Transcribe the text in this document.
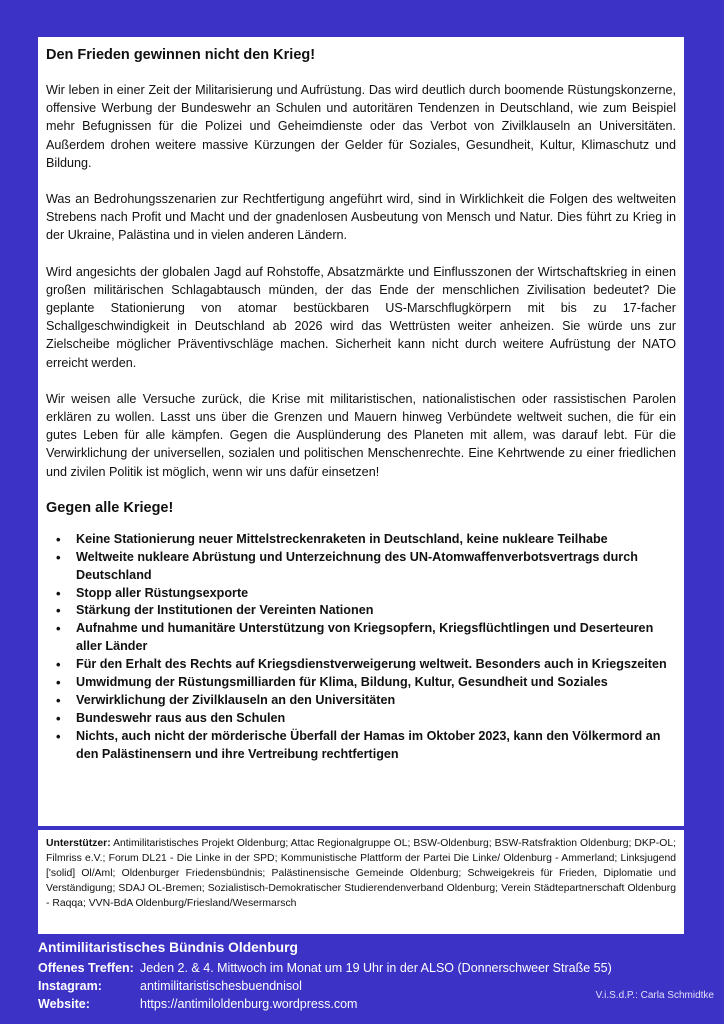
Den Frieden gewinnen nicht den Krieg!

Wir leben in einer Zeit der Militarisierung und Aufrüstung. Das wird deutlich durch boomende Rüstungskonzerne, offensive Werbung der Bundeswehr an Schulen und autoritären Tendenzen in Deutschland, wie zum Beispiel mehr Befugnissen für die Polizei und Geheimdienste oder das Verbot von Zivilklauseln an Universitäten. Außerdem drohen weitere massive Kürzungen der Gelder für Soziales, Gesundheit, Kultur, Klimaschutz und Bildung.

Was an Bedrohungsszenarien zur Rechtfertigung angeführt wird, sind in Wirklichkeit die Folgen des weltweiten Strebens nach Profit und Macht und der gnadenlosen Ausbeutung von Mensch und Natur. Dies führt zu Krieg in der Ukraine, Palästina und in vielen anderen Ländern.

Wird angesichts der globalen Jagd auf Rohstoffe, Absatzmärkte und Einflusszonen der Wirtschaftskrieg in einen großen militärischen Schlagabtausch münden, der das Ende der menschlichen Zivilisation bedeutet? Die geplante Stationierung von atomar bestückbaren US-Marschflugkörpern mit bis zu 17-facher Schallgeschwindigkeit in Deutschland ab 2026 wird das Wettrüsten weiter anheizen. Sie würde uns zur Zielscheibe möglicher Präventivschläge machen. Sicherheit kann nicht durch weitere Aufrüstung der NATO erreicht werden.

Wir weisen alle Versuche zurück, die Krise mit militaristischen, nationalistischen oder rassistischen Parolen erklären zu wollen. Lasst uns über die Grenzen und Mauern hinweg Verbündete weltweit suchen, die für ein gutes Leben für alle kämpfen. Gegen die Ausplünderung des Planeten mit allem, was darauf lebt. Für die Verwirklichung der universellen, sozialen und politischen Menschenrechte. Eine Kehrtwende zu einer friedlichen und zivilen Politik ist möglich, wenn wir uns dafür einsetzen!

Gegen alle Kriege!
• Keine Stationierung neuer Mittelstreckenraketen in Deutschland, keine nukleare Teilhabe
• Weltweite nukleare Abrüstung und Unterzeichnung des UN-Atomwaffenverbotsvertrags durch Deutschland
• Stopp aller Rüstungsexporte
• Stärkung der Institutionen der Vereinten Nationen
• Aufnahme und humanitäre Unterstützung von Kriegsopfern, Kriegsflüchtlingen und Deserteuren aller Länder
• Für den Erhalt des Rechts auf Kriegsdienstverweigerung weltweit. Besonders auch in Kriegszeiten
• Umwidmung der Rüstungsmilliarden für Klima, Bildung, Kultur, Gesundheit und Soziales
• Verwirklichung der Zivilklauseln an den Universitäten
• Bundeswehr raus aus den Schulen
• Nichts, auch nicht der mörderische Überfall der Hamas im Oktober 2023, kann den Völkermord an den Palästinensern und ihre Vertreibung rechtfertigen

Unterstützer: Antimilitaristisches Projekt Oldenburg; Attac Regionalgruppe OL; BSW-Oldenburg; BSW-Ratsfraktion Oldenburg; DKP-OL; Filmriss e.V.; Forum DL21 - Die Linke in der SPD; Kommunistische Plattform der Partei Die Linke/ Oldenburg - Ammerland; Linksjugend ['solid] Ol/Aml; Oldenburger Friedensbündnis; Palästinensische Gemeinde Oldenburg; Schweigekreis für Frieden, Diplomatie und Verständigung; SDAJ OL-Bremen; Sozialistisch-Demokratischer Studierendenverband Oldenburg; Verein Städtepartnerschaft Oldenburg - Raqqa; VVN-BdA Oldenburg/Friesland/Wesermarsch

Antimilitaristisches Bündnis Oldenburg
Offenes Treffen: Jeden 2. & 4. Mittwoch im Monat um 19 Uhr in der ALSO (Donnerschweer Straße 55)
Instagram:	antimilitaristischesbuendnisol
Website:	https://antimiloldenburg.wordpress.com
V.i.S.d.P.: Carla Schmidtke
